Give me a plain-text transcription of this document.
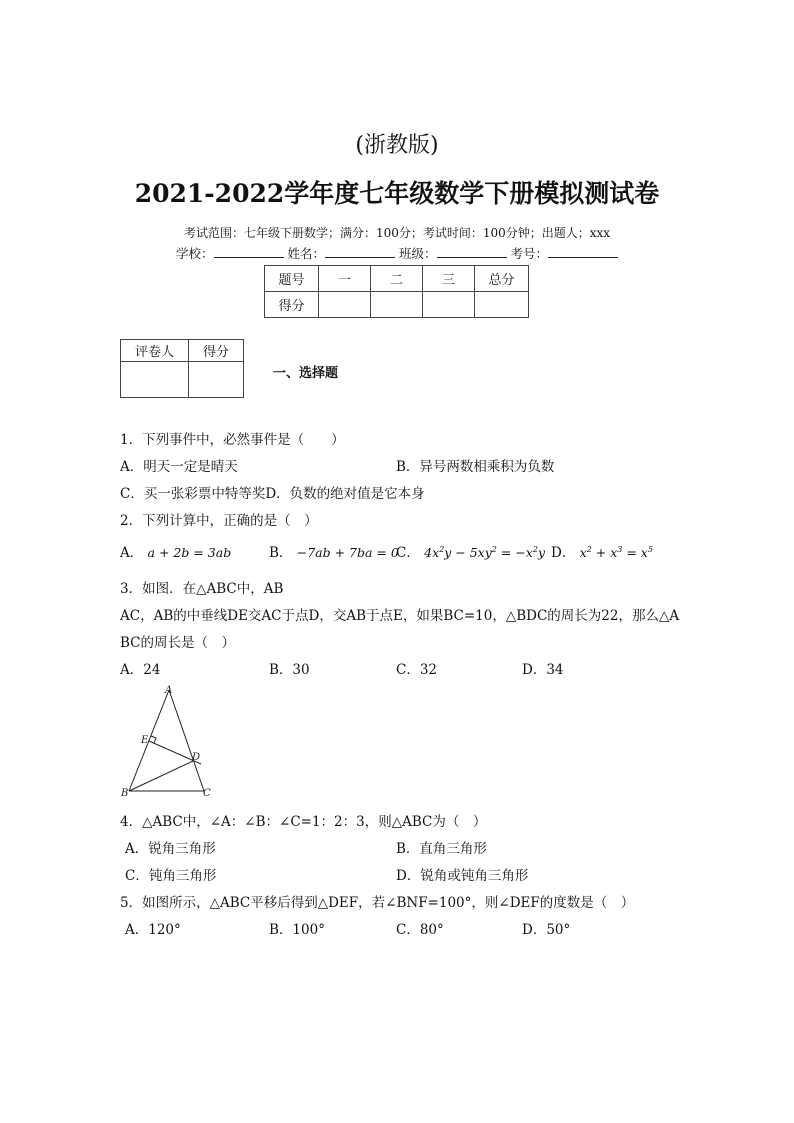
(浙教版)
2021-2022学年度七年级数学下册模拟测试卷
考试范围：七年级下册数学；满分：100分；考试时间：100分钟；出题人；xxx
学校：	姓名：	班级：	考号：
题号	一	二	三	总分
得分				
评卷人	得分

一、选择题
1．下列事件中，必然事件是（　　）
A．明天一定是晴天	B．异号两数相乘积为负数
C．买一张彩票中特等奖D．负数的绝对值是它本身
2．下列计算中，正确的是（　）
A． a + 2b = 3ab	B． −7ab + 7ba = 0
C． $4x^2y - 5xy^2 = -x^2y$ D． $x^2 + x^3 = x^5$
3．如图．在△ABC中，AB
AC，AB的中垂线DE交AC于点D，交AB于点E，如果BC=10，△BDC的周长为22，那么△A
BC的周长是（　）
A．24	B．30	C．32	D．34
A
E
D
B	C
4．△ABC中，∠A：∠B：∠C=1：2：3，则△ABC为（　）
A．锐角三角形	B．直角三角形
C．钝角三角形	D．锐角或钝角三角形
5．如图所示，△ABC平移后得到△DEF，若∠BNF=100°，则∠DEF的度数是（　）
A．120°	B．100°	C．80°	D．50°
